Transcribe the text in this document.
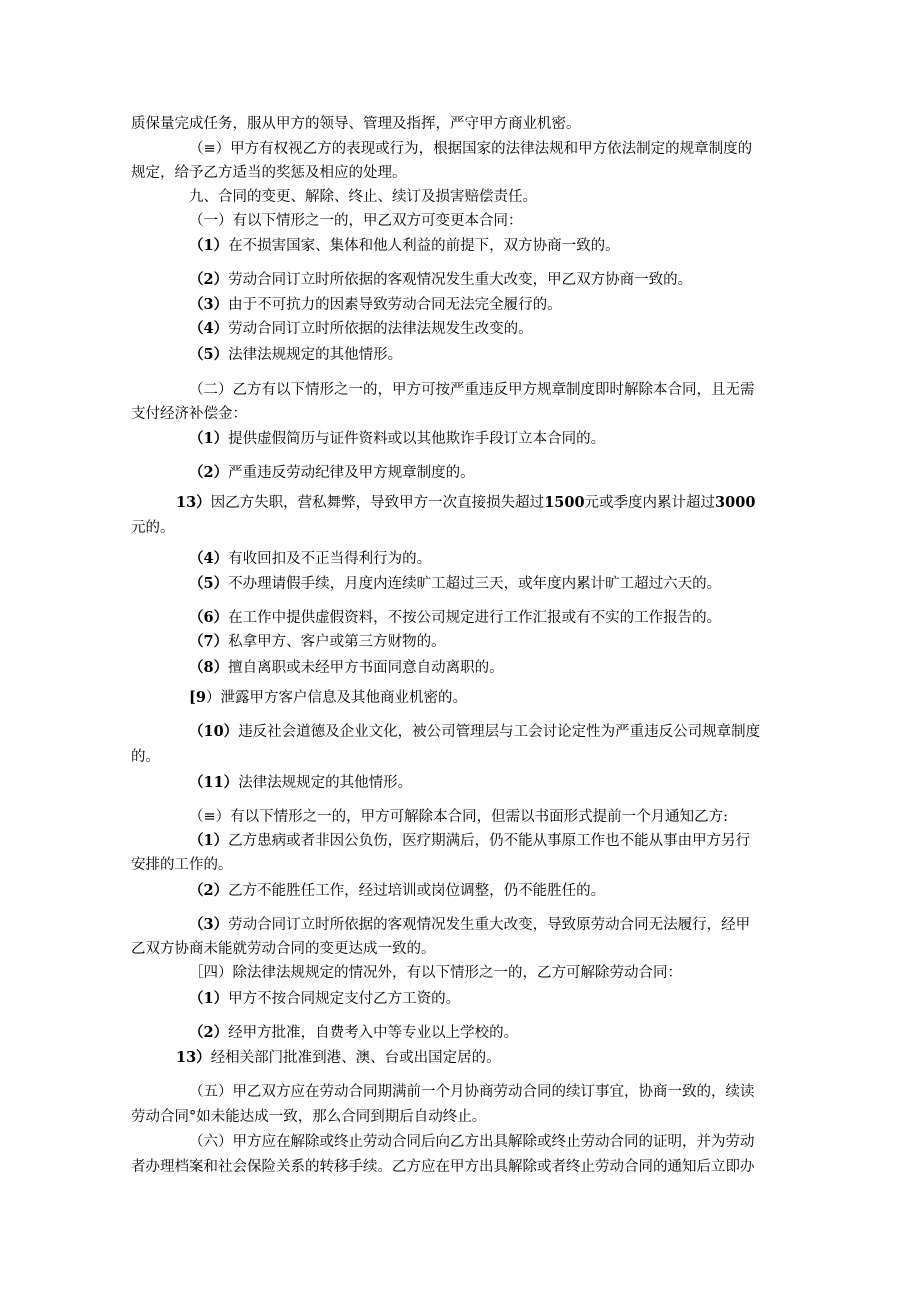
质保量完成任务，服从甲方的领导、管理及指挥，严守甲方商业机密。
（≡）甲方有权视乙方的表现或行为，根据国家的法律法规和甲方依法制定的规章制度的
规定，给予乙方适当的奖惩及相应的处理。
九、合同的变更、解除、终止、续订及损害赔偿责任。
（一）有以下情形之一的，甲乙双方可变更本合同：
（1）在不损害国家、集体和他人利益的前提下，双方协商一致的。
（2）劳动合同订立时所依据的客观情况发生重大改变，甲乙双方协商一致的。
（3）由于不可抗力的因素导致劳动合同无法完全履行的。
（4）劳动合同订立时所依据的法律法规发生改变的。
（5）法律法规规定的其他情形。
（二）乙方有以下情形之一的，甲方可按严重违反甲方规章制度即时解除本合同，且无需
支付经济补偿金：
（1）提供虚假简历与证件资料或以其他欺诈手段订立本合同的。
（2）严重违反劳动纪律及甲方规章制度的。
13）因乙方失职，营私舞弊，导致甲方一次直接损失超过1500元或季度内累计超过3000
元的。
（4）有收回扣及不正当得利行为的。
（5）不办理请假手续，月度内连续旷工超过三天，或年度内累计旷工超过六天的。
（6）在工作中提供虚假资料，不按公司规定进行工作汇报或有不实的工作报告的。
（7）私拿甲方、客户或第三方财物的。
（8）擅自离职或未经甲方书面同意自动离职的。
[9）泄露甲方客户信息及其他商业机密的。
（10）违反社会道德及企业文化，被公司管理层与工会讨论定性为严重违反公司规章制度
的。
（11）法律法规规定的其他情形。
（≡）有以下情形之一的，甲方可解除本合同，但需以书面形式提前一个月通知乙方:
（1）乙方患病或者非因公负伤，医疗期满后，仍不能从事原工作也不能从事由甲方另行
安排的工作的。
（2）乙方不能胜任工作，经过培训或岗位调整，仍不能胜任的。
（3）劳动合同订立时所依据的客观情况发生重大改变，导致原劳动合同无法履行，经甲
乙双方协商未能就劳动合同的变更达成一致的。
［四）除法律法规规定的情况外，有以下情形之一的，乙方可解除劳动合同：
（1）甲方不按合同规定支付乙方工资的。
（2）经甲方批准，自费考入中等专业以上学校的。
13）经相关部门批准到港、澳、台或出国定居的。
（五）甲乙双方应在劳动合同期满前一个月协商劳动合同的续订事宜，协商一致的，续读
劳动合同°如未能达成一致，那么合同到期后自动终止。
（六）甲方应在解除或终止劳动合同后向乙方出具解除或终止劳动合同的证明，并为劳动
者办理档案和社会保险关系的转移手续。乙方应在甲方出具解除或者终止劳动合同的通知后立即办
